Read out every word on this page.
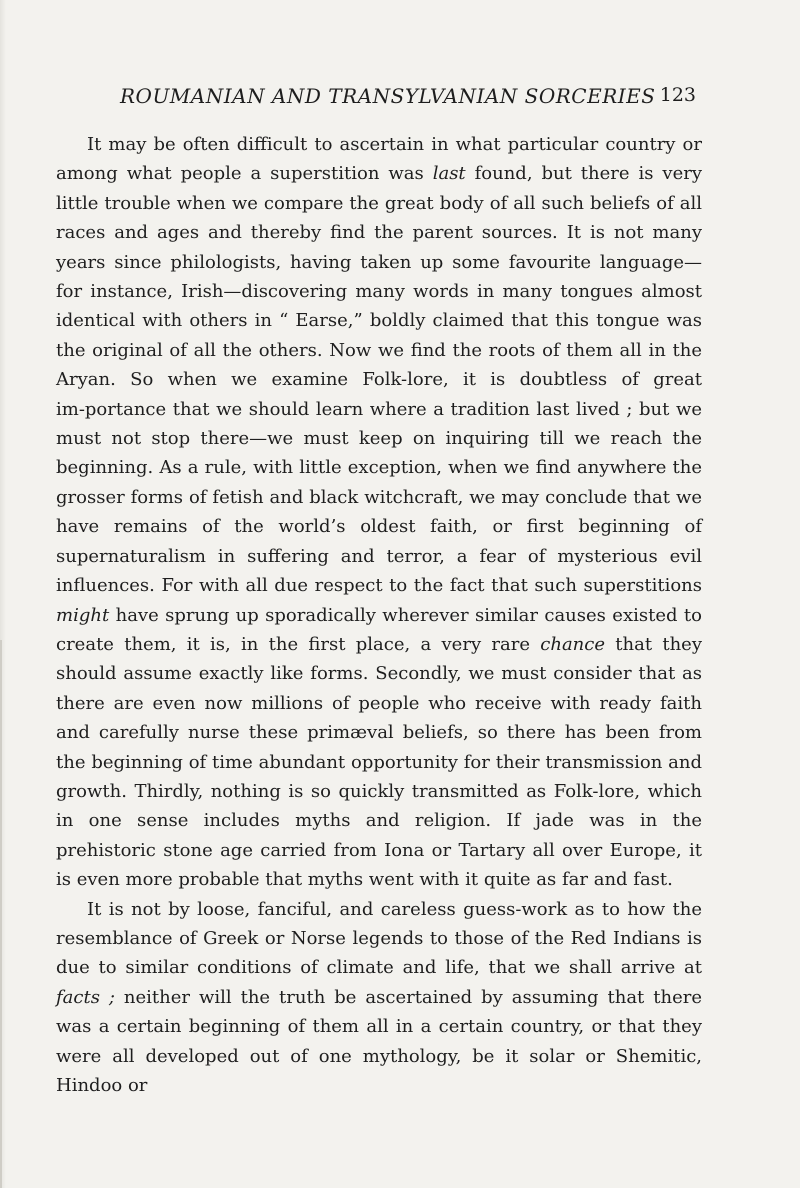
ROUMANIAN AND TRANSYLVANIAN SORCERIES 123

It may be often difficult to ascertain in what particular country or among what people a superstition was last found, but there is very little trouble when we compare the great body of all such beliefs of all races and ages and thereby find the parent sources. It is not many years since philologists, having taken up some favourite language—for instance, Irish—discovering many words in many tongues almost identical with others in “ Earse,” boldly claimed that this tongue was the original of all the others. Now we find the roots of them all in the Aryan. So when we examine Folk-lore, it is doubtless of great im‑portance that we should learn where a tradition last lived ; but we must not stop there—we must keep on inquiring till we reach the beginning. As a rule, with little exception, when we find anywhere the grosser forms of fetish and black witchcraft, we may conclude that we have remains of the world’s oldest faith, or first beginning of supernaturalism in suffering and terror, a fear of mysterious evil influences. For with all due respect to the fact that such superstitions might have sprung up sporadically wherever similar causes existed to create them, it is, in the first place, a very rare chance that they should assume exactly like forms. Secondly, we must consider that as there are even now millions of people who receive with ready faith and carefully nurse these primæval beliefs, so there has been from the beginning of time abundant opportunity for their transmission and growth. Thirdly, nothing is so quickly transmitted as Folk-lore, which in one sense includes myths and religion. If jade was in the prehistoric stone age carried from Iona or Tartary all over Europe, it is even more probable that myths went with it quite as far and fast.

It is not by loose, fanciful, and careless guess-work as to how the resemblance of Greek or Norse legends to those of the Red Indians is due to similar conditions of climate and life, that we shall arrive at facts ; neither will the truth be ascertained by assuming that there was a certain beginning of them all in a certain country, or that they were all developed out of one mythology, be it solar or Shemitic, Hindoo or
